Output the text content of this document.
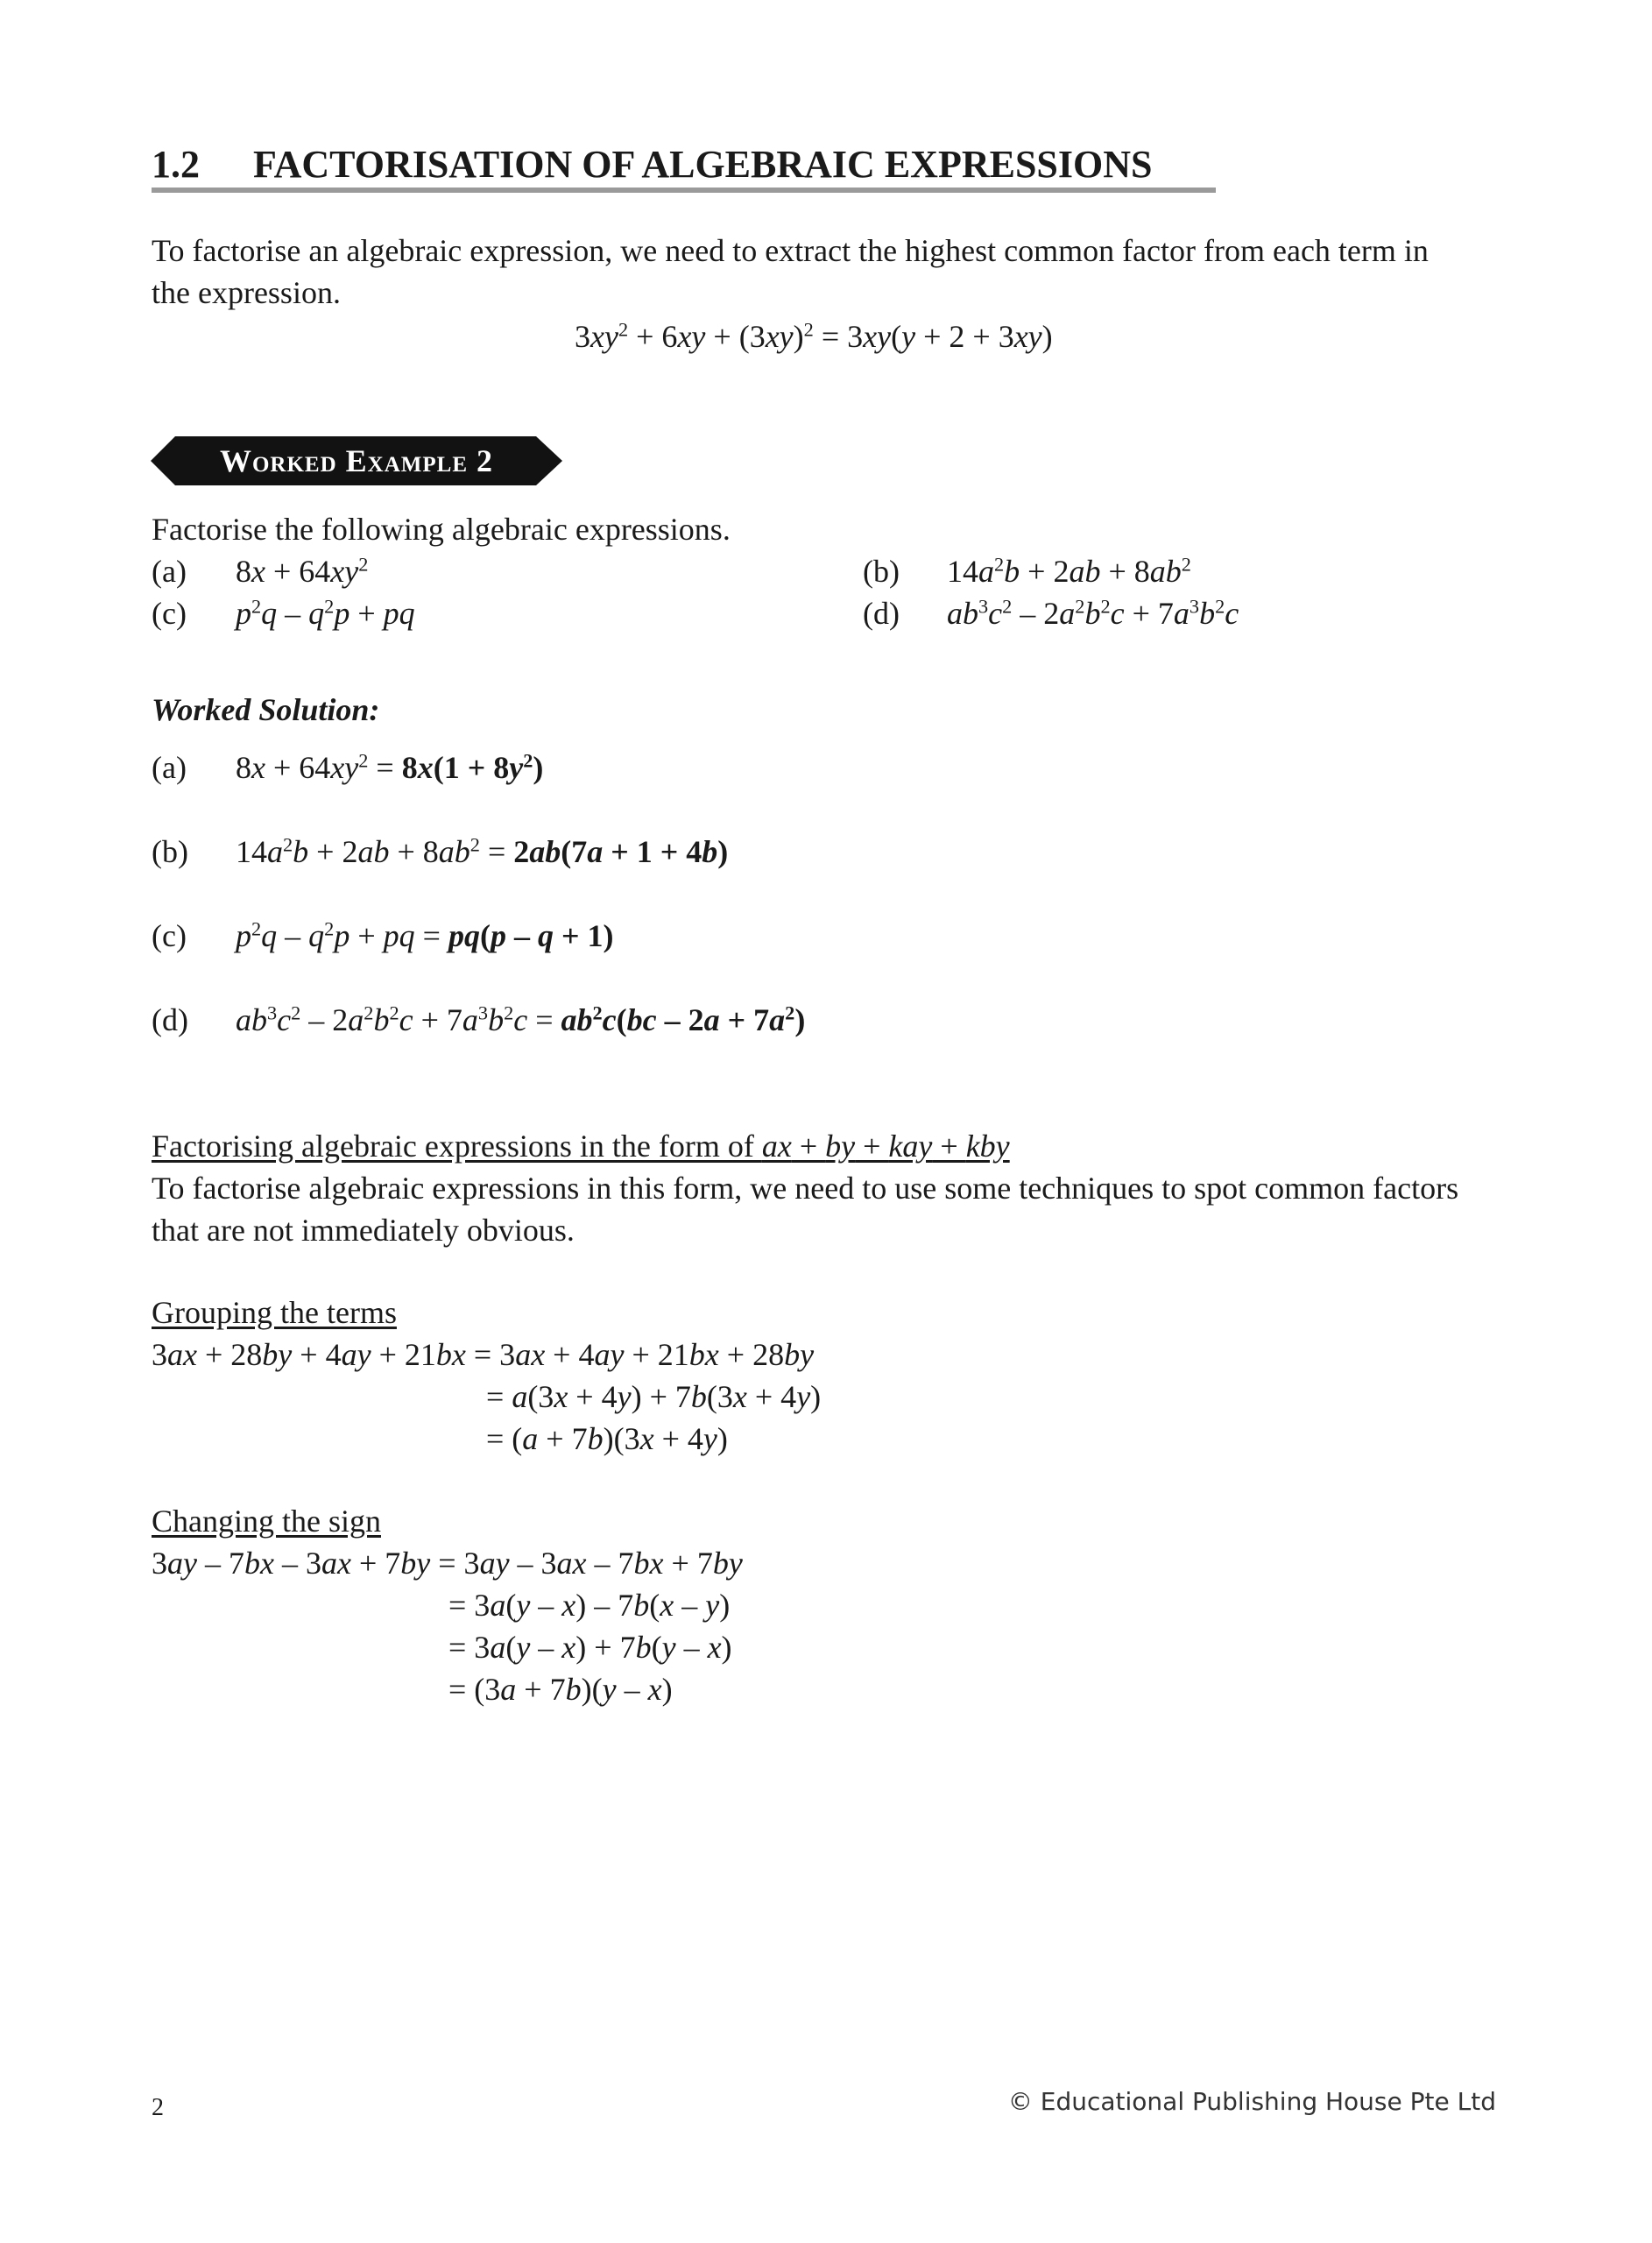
1.2 FACTORISATION OF ALGEBRAIC EXPRESSIONS
To factorise an algebraic expression, we need to extract the highest common factor from each term in
the expression.
$3xy^2 + 6xy + (3xy)^2 = 3xy(y + 2 + 3xy)$
Worked Example 2
Factorise the following algebraic expressions.
(a) $8x + 64xy^2$	(b) $14a^2b + 2ab + 8ab^2$
(c) $p^2q - q^2p$ + pq	(d) $ab^3c^2 - 2a^2b^2c + 7a^3b^2c$
Worked Solution:
(a) $8x + 64xy^2 = 8x(1 + 8y^2)$
(b) $14a^2b + 2ab + 8ab^2 = 2ab(7a + 1 + 4b)$
(c) $p^2q - q^2p$ + pq = pq(p – q + 1)
(d) $ab^3c^2 - 2a^2b^2c + 7a^3b^2c = ab^2c(bc - 2a + 7a^2)$
Factorising algebraic expressions in the form of ax + by + kay + kby
To factorise algebraic expressions in this form, we need to use some techniques to spot common factors
that are not immediately obvious.
Grouping the terms
3ax + 28by + 4ay + 21bx = 3ax + 4ay + 21bx + 28by
= a(3x + 4y) + 7b(3x + 4y)
= (a + 7b)(3x + 4y)
Changing the sign
3ay – 7bx – 3ax + 7by = 3ay – 3ax – 7bx + 7by
= 3a(y – x) – 7b(x – y)
= 3a(y – x) + 7b(y – x)
= (3a + 7b)(y – x)
2	© Educational Publishing House Pte Ltd
